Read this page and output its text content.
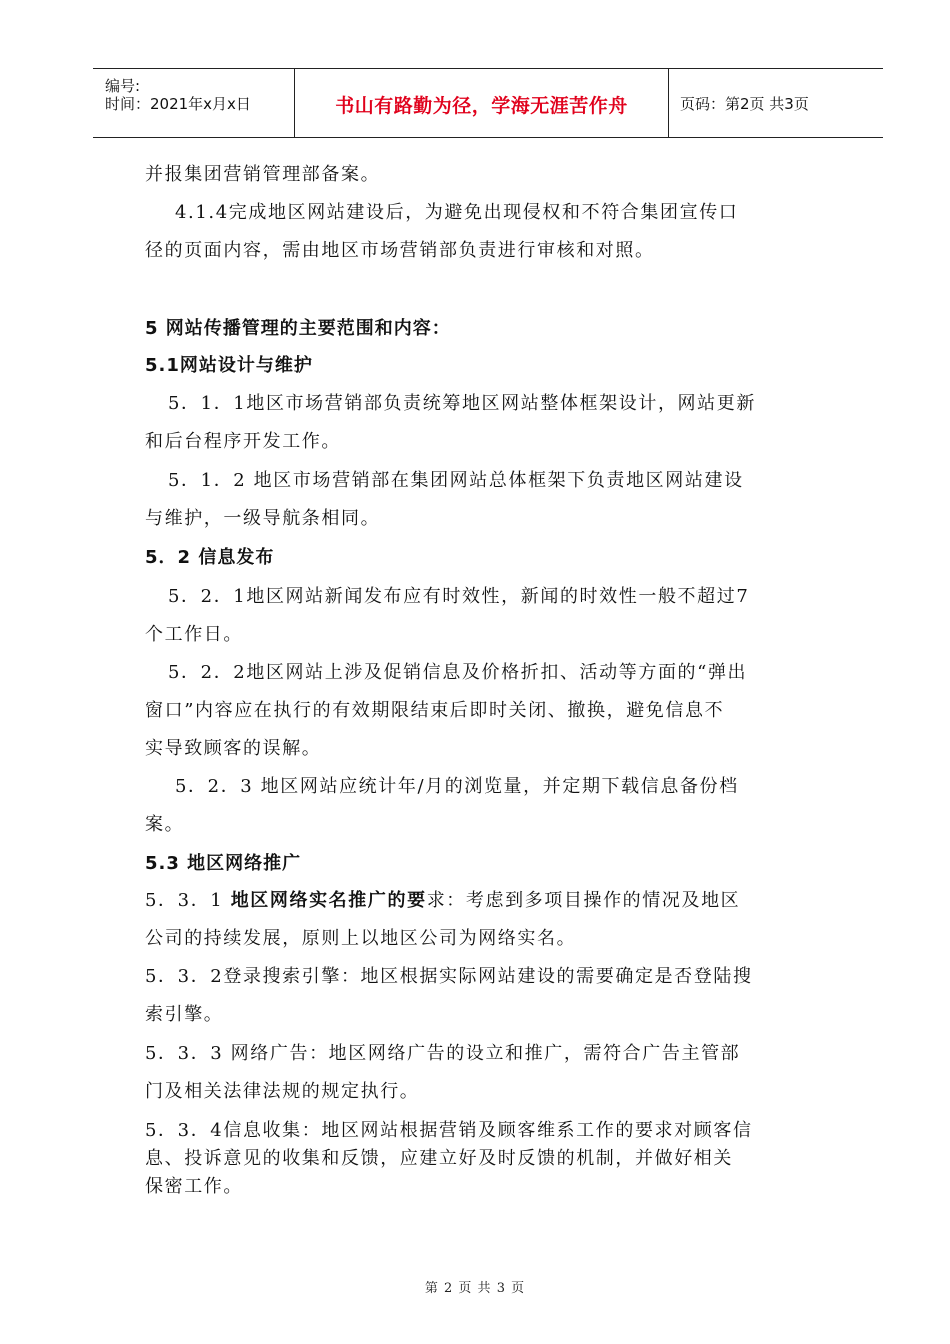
编号:
时间：2021年x月x日	书山有路勤为径，学海无涯苦作舟	页码：第2页 共3页
并报集团营销管理部备案。
4.1.4完成地区网站建设后，为避免出现侵权和不符合集团宣传口
径的页面内容，需由地区市场营销部负责进行审核和对照。
5 网站传播管理的主要范围和内容：
5.1网站设计与维护
5．1．1地区市场营销部负责统筹地区网站整体框架设计，网站更新
和后台程序开发工作。
5．1．2 地区市场营销部在集团网站总体框架下负责地区网站建设
与维护，一级导航条相同。
5．2 信息发布
5．2．1地区网站新闻发布应有时效性，新闻的时效性一般不超过7
个工作日。
5．2．2地区网站上涉及促销信息及价格折扣、活动等方面的“弹出
窗口”内容应在执行的有效期限结束后即时关闭、撤换，避免信息不
实导致顾客的误解。
5．2．3 地区网站应统计年/月的浏览量，并定期下载信息备份档
案。
5.3 地区网络推广
5．3．1 地区网络实名推广的要求：考虑到多项目操作的情况及地区
公司的持续发展，原则上以地区公司为网络实名。
5．3．2登录搜索引擎：地区根据实际网站建设的需要确定是否登陆搜
索引擎。
5．3．3 网络广告：地区网络广告的设立和推广，需符合广告主管部
门及相关法律法规的规定执行。
5．3．4信息收集：地区网站根据营销及顾客维系工作的要求对顾客信
息、投诉意见的收集和反馈，应建立好及时反馈的机制，并做好相关
保密工作。
第 2 页 共 3 页
